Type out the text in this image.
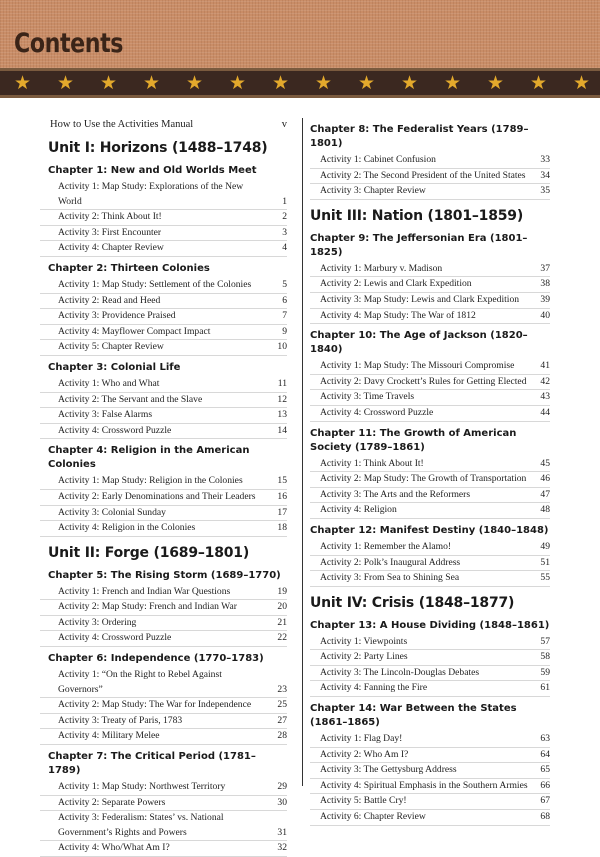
Contents
★ ★ ★ ★ ★ ★ ★ ★ ★ ★ ★ ★ ★ ★
How to Use the Activities Manual	v
Unit I: Horizons (1488–1748)
Chapter 1: New and Old Worlds Meet
Activity 1: Map Study: Explorations of the New World	1
Activity 2: Think About It!	2
Activity 3: First Encounter	3
Activity 4: Chapter Review	4
Chapter 2: Thirteen Colonies
Activity 1: Map Study: Settlement of the Colonies	5
Activity 2: Read and Heed	6
Activity 3: Providence Praised	7
Activity 4: Mayflower Compact Impact	9
Activity 5: Chapter Review	10
Chapter 3: Colonial Life
Activity 1: Who and What	11
Activity 2: The Servant and the Slave	12
Activity 3: False Alarms	13
Activity 4: Crossword Puzzle	14
Chapter 4: Religion in the American Colonies
Activity 1: Map Study: Religion in the Colonies	15
Activity 2: Early Denominations and Their Leaders	16
Activity 3: Colonial Sunday	17
Activity 4: Religion in the Colonies	18
Unit II: Forge (1689–1801)
Chapter 5: The Rising Storm (1689–1770)
Activity 1: French and Indian War Questions	19
Activity 2: Map Study: French and Indian War	20
Activity 3: Ordering	21
Activity 4: Crossword Puzzle	22
Chapter 6: Independence (1770–1783)
Activity 1: “On the Right to Rebel Against Governors”	23
Activity 2: Map Study: The War for Independence	25
Activity 3: Treaty of Paris, 1783	27
Activity 4: Military Melee	28
Chapter 7: The Critical Period (1781–1789)
Activity 1: Map Study: Northwest Territory	29
Activity 2: Separate Powers	30
Activity 3: Federalism: States’ vs. National Government’s Rights and Powers	31
Activity 4: Who/What Am I?	32
Chapter 8: The Federalist Years (1789–1801)
Activity 1: Cabinet Confusion	33
Activity 2: The Second President of the United States	34
Activity 3: Chapter Review	35
Unit III: Nation (1801–1859)
Chapter 9: The Jeffersonian Era (1801–1825)
Activity 1: Marbury v. Madison	37
Activity 2: Lewis and Clark Expedition	38
Activity 3: Map Study: Lewis and Clark Expedition	39
Activity 4: Map Study: The War of 1812	40
Chapter 10: The Age of Jackson (1820–1840)
Activity 1: Map Study: The Missouri Compromise	41
Activity 2: Davy Crockett’s Rules for Getting Elected	42
Activity 3: Time Travels	43
Activity 4: Crossword Puzzle	44
Chapter 11: The Growth of American Society (1789–1861)
Activity 1: Think About It!	45
Activity 2: Map Study: The Growth of Transportation	46
Activity 3: The Arts and the Reformers	47
Activity 4: Religion	48
Chapter 12: Manifest Destiny (1840–1848)
Activity 1: Remember the Alamo!	49
Activity 2: Polk’s Inaugural Address	51
Activity 3: From Sea to Shining Sea	55
Unit IV: Crisis (1848–1877)
Chapter 13: A House Dividing (1848–1861)
Activity 1: Viewpoints	57
Activity 2: Party Lines	58
Activity 3: The Lincoln-Douglas Debates	59
Activity 4: Fanning the Fire	61
Chapter 14: War Between the States (1861–1865)
Activity 1: Flag Day!	63
Activity 2: Who Am I?	64
Activity 3: The Gettysburg Address	65
Activity 4: Spiritual Emphasis in the Southern Armies	66
Activity 5: Battle Cry!	67
Activity 6: Chapter Review	68
